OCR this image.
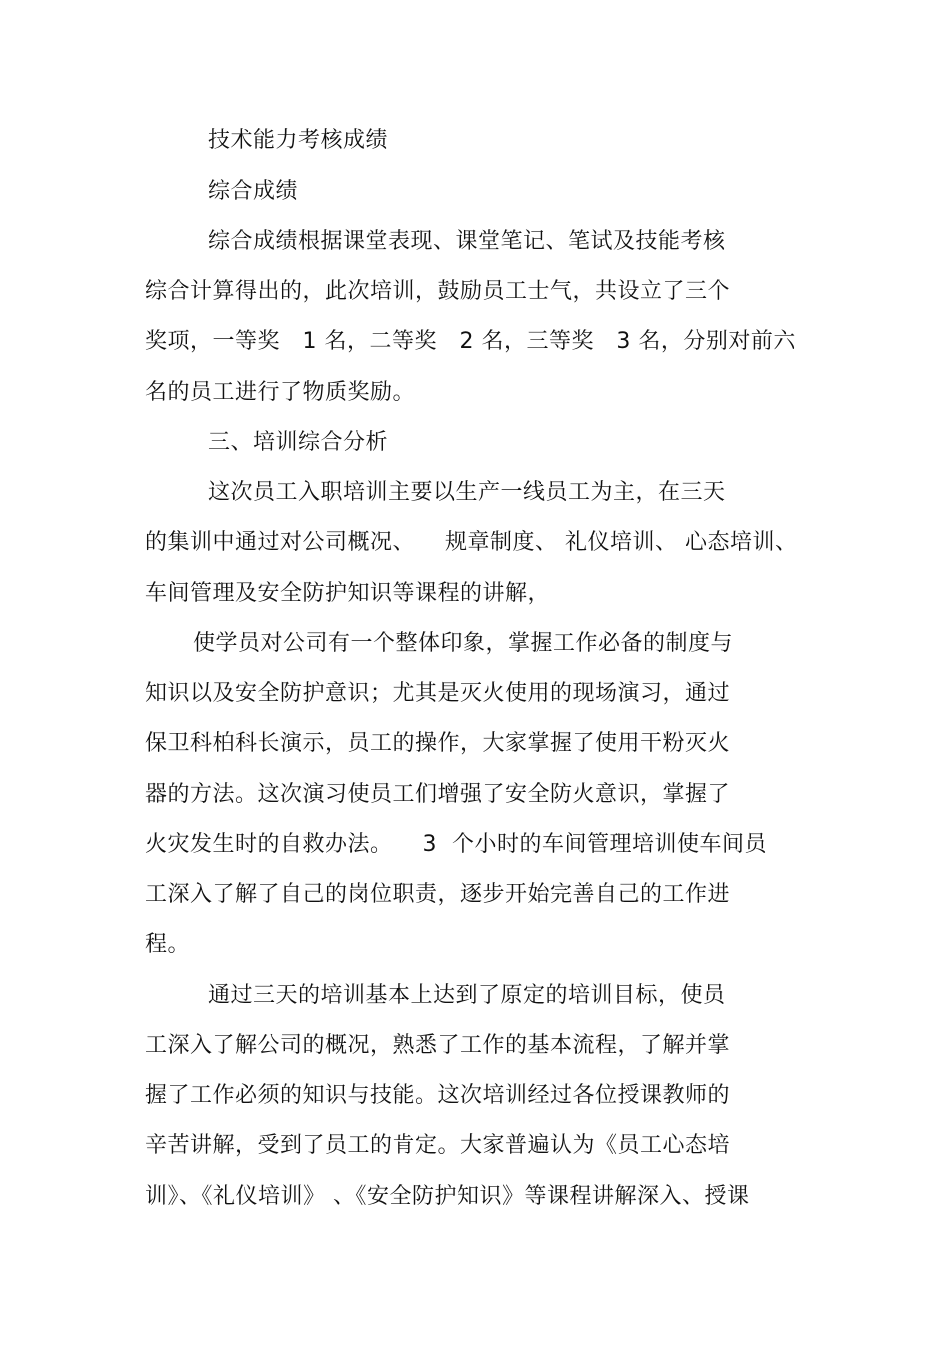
技术能力考核成绩
综合成绩
综合成绩根据课堂表现、课堂笔记、笔试及技能考核
综合计算得出的，此次培训，鼓励员工士气，共设立了三个
奖项，一等奖   1 名，二等奖   2 名，三等奖   3 名，分别对前六
名的员工进行了物质奖励。
三、培训综合分析
这次员工入职培训主要以生产一线员工为主，在三天
的集训中通过对公司概况、    规章制度、 礼仪培训、 心态培训、
车间管理及安全防护知识等课程的讲解，
使学员对公司有一个整体印象，掌握工作必备的制度与
知识以及安全防护意识；尤其是灭火使用的现场演习，通过
保卫科柏科长演示，员工的操作，大家掌握了使用干粉灭火
器的方法。这次演习使员工们增强了安全防火意识，掌握了
火灾发生时的自救办法。    3  个小时的车间管理培训使车间员
工深入了解了自己的岗位职责，逐步开始完善自己的工作进
程。
通过三天的培训基本上达到了原定的培训目标，使员
工深入了解公司的概况，熟悉了工作的基本流程，了解并掌
握了工作必须的知识与技能。这次培训经过各位授课教师的
辛苦讲解，受到了员工的肯定。大家普遍认为《员工心态培
训》、《礼仪培训》 、《安全防护知识》等课程讲解深入、授课
